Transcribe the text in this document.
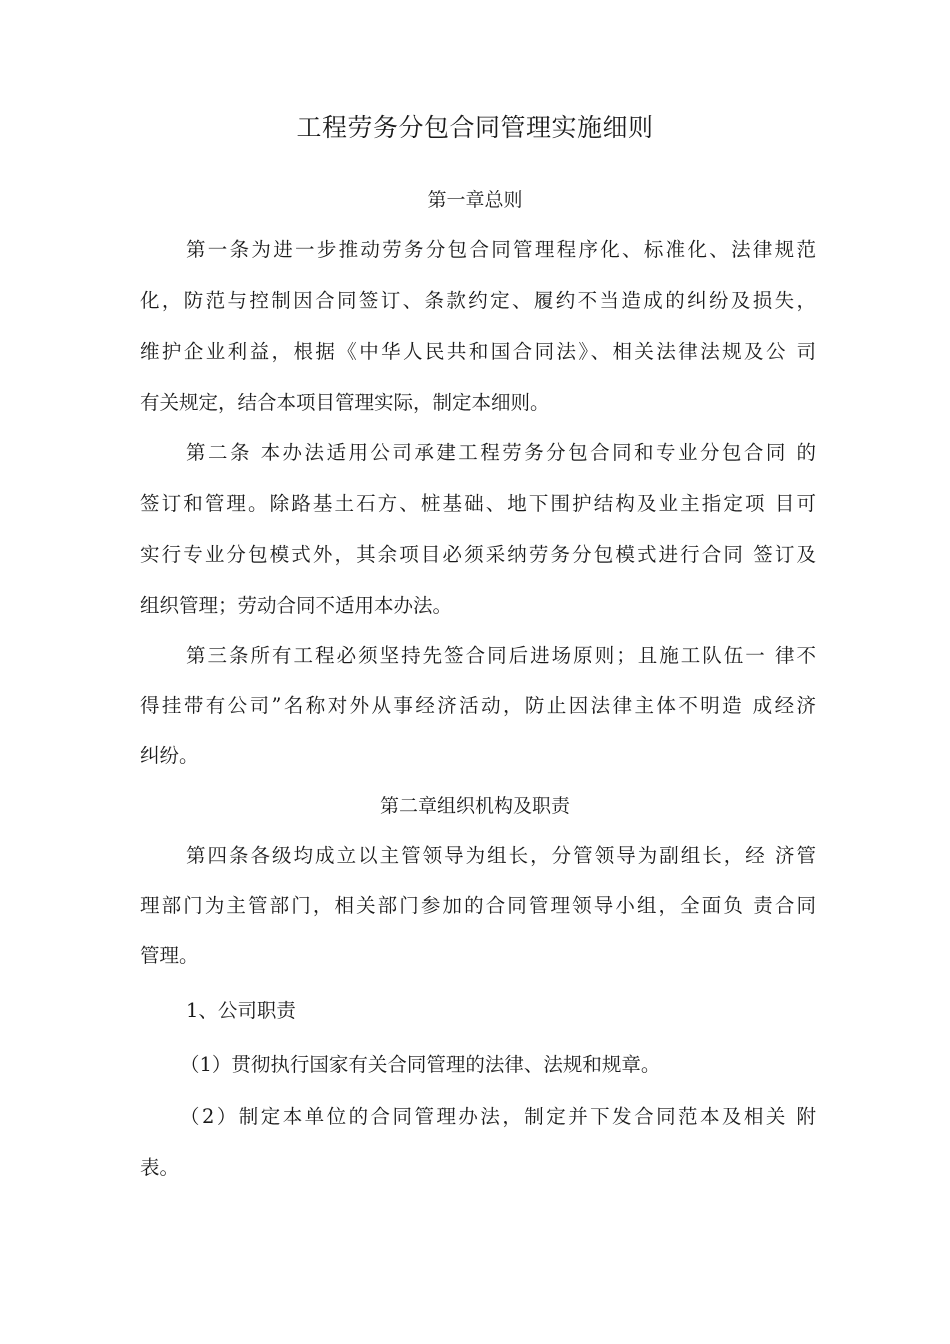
工程劳务分包合同管理实施细则
第一章总则
第一条为进一步推动劳务分包合同管理程序化、标准化、法律规范
化，防范与控制因合同签订、条款约定、履约不当造成的纠纷及损失，
维护企业利益，根据《中华人民共和国合同法》、相关法律法规及公 司
有关规定，结合本项目管理实际，制定本细则。
第二条 本办法适用公司承建工程劳务分包合同和专业分包合同 的
签订和管理。除路基土石方、桩基础、地下围护结构及业主指定项 目可
实行专业分包模式外，其余项目必须采纳劳务分包模式进行合同 签订及
组织管理；劳动合同不适用本办法。
第三条所有工程必须坚持先签合同后进场原则；且施工队伍一 律不
得挂带有公司”名称对外从事经济活动，防止因法律主体不明造 成经济
纠纷。
第二章组织机构及职责
第四条各级均成立以主管领导为组长，分管领导为副组长，经 济管
理部门为主管部门，相关部门参加的合同管理领导小组，全面负 责合同
管理。
1、公司职责
（1）贯彻执行国家有关合同管理的法律、法规和规章。
（2）制定本单位的合同管理办法，制定并下发合同范本及相关 附
表。
